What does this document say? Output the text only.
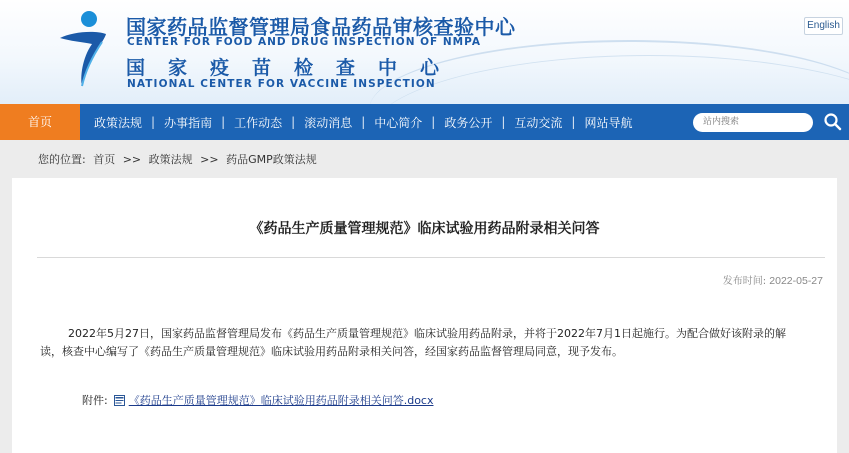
国家药品监督管理局食品药品审核查验中心
CENTER FOR FOOD AND DRUG INSPECTION OF NMPA
国家疫苗检查中心
NATIONAL CENTER FOR VACCINE INSPECTION
English
首页	政策法规 | 办事指南 | 工作动态 | 滚动消息 | 中心简介 | 政务公开 | 互动交流 | 网站导航
站内搜索
您的位置: 首页 >> 政策法规 >> 药品GMP政策法规
《药品生产质量管理规范》临床试验用药品附录相关问答
发布时间: 2022-05-27

2022年5月27日，国家药品监督管理局发布《药品生产质量管理规范》临床试验用药品附录，并将于2022年7月1日起施行。为配合做好该附录的解读，核查中心编写了《药品生产质量管理规范》临床试验用药品附录相关问答，经国家药品监督管理局同意，现予发布。

附件: 《药品生产质量管理规范》临床试验用药品附录相关问答.docx
